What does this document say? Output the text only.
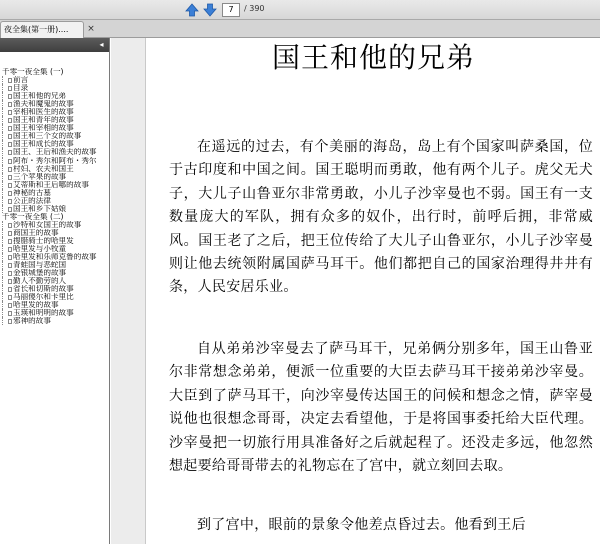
7	/ 390
夜全集(第一册)....	×
◂
千零一夜全集 (一)
前言
目录
国王和他的兄弟
渔夫和魔鬼的故事
宰相和医生的故事
国王和青年的故事
国王和宰相的故事
国王和三个女的故事
国王和成长的故事
国王、王后和渔夫的故事
阿布・秀尔和阿布・秀尔
村妇、农夫和国王
三个苹果的故事
艾蒂斯和王后哪的故事
神秘的古墓
公正的法律
国王和乡下姑娘
千零一夜全集 (二)
沙特和女国王的故事
商国王的故事
搜腊骑士的哈里发
哈里发与小牧童
哈里发和乐师克鲁的故事
青蛙国与恶蛇国
金银城堡的故事
勤人不勤劳的人
省长和切斯的故事
马丽傻尔和卡里比
哈里发的故事
玉瑛和明明的故事
邪神的故事
国王和他的兄弟

在遥远的过去，有个美丽的海岛，岛上有个国家叫萨桑国，位于古印度和中国之间。国王聪明而勇敢，他有两个儿子。虎父无犬子，大儿子山鲁亚尔非常勇敢，小儿子沙宰曼也不弱。国王有一支数量庞大的军队，拥有众多的奴仆，出行时，前呼后拥，非常威风。国王老了之后，把王位传给了大儿子山鲁亚尔，小儿子沙宰曼则让他去统领附属国萨马耳干。他们都把自己的国家治理得井井有条，人民安居乐业。

自从弟弟沙宰曼去了萨马耳干，兄弟俩分别多年，国王山鲁亚尔非常想念弟弟，便派一位重要的大臣去萨马耳干接弟弟沙宰曼。大臣到了萨马耳干，向沙宰曼传达国王的问候和想念之情，萨宰曼说他也很想念哥哥，决定去看望他，于是将国事委托给大臣代理。沙宰曼把一切旅行用具准备好之后就起程了。还没走多远，他忽然想起要给哥哥带去的礼物忘在了宫中，就立刻回去取。

到了宫中，眼前的景象令他差点昏过去。他看到王后
